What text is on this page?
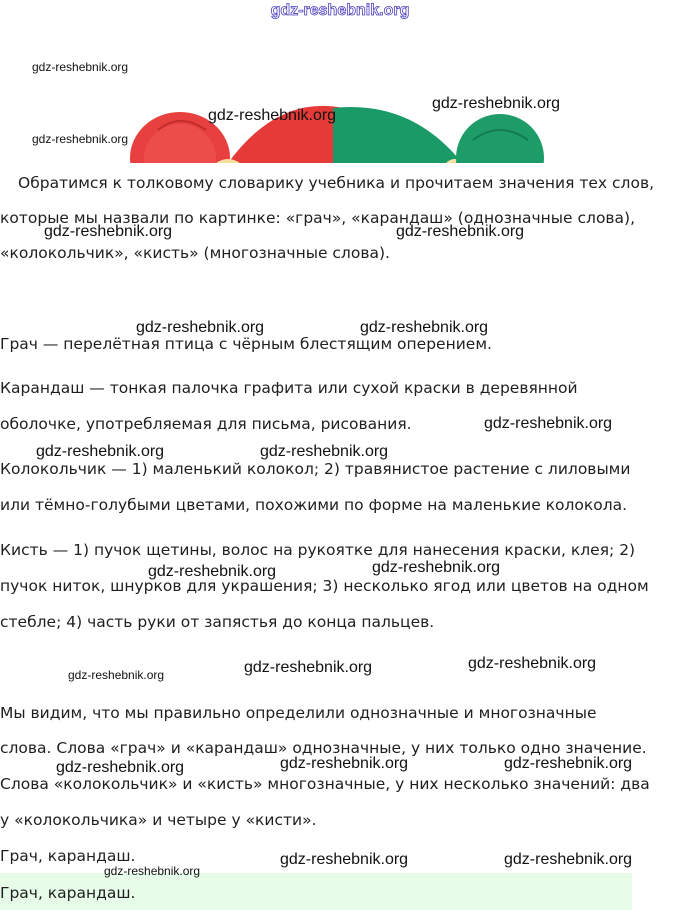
gdz-reshebnik.org
Обратимся к толковому словарику учебника и прочитаем значения тех слов,
которые мы назвали по картинке: «грач», «карандаш» (однозначные слова),
«колокольчик», «кисть» (многозначные слова).
Грач — перелётная птица с чёрным блестящим оперением.
Карандаш — тонкая палочка графита или сухой краски в деревянной
оболочке, употребляемая для письма, рисования.
Колокольчик — 1) маленький колокол; 2) травянистое растение с лиловыми
или тёмно-голубыми цветами, похожими по форме на маленькие колокола.
Кисть — 1) пучок щетины, волос на рукоятке для нанесения краски, клея; 2)
пучок ниток, шнурков для украшения; 3) несколько ягод или цветов на одном
стебле; 4) часть руки от запястья до конца пальцев.
Мы видим, что мы правильно определили однозначные и многозначные
слова. Слова «грач» и «карандаш» однозначные, у них только одно значение.
Слова «колокольчик» и «кисть» многозначные, у них несколько значений: два
у «колокольчика» и четыре у «кисти».
Грач, карандаш.
Грач, карандаш.
gdz-reshebnik.org
gdz-reshebnik.org
gdz-reshebnik.org
gdz-reshebnik.org
gdz-reshebnik.org	gdz-reshebnik.org
gdz-reshebnik.org	gdz-reshebnik.org
gdz-reshebnik.org
gdz-reshebnik.org	gdz-reshebnik.org
gdz-reshebnik.org	gdz-reshebnik.org
gdz-reshebnik.org	gdz-reshebnik.org	gdz-reshebnik.org
gdz-reshebnik.org	gdz-reshebnik.org	gdz-reshebnik.org
gdz-reshebnik.org	gdz-reshebnik.org
gdz-reshebnik.org
